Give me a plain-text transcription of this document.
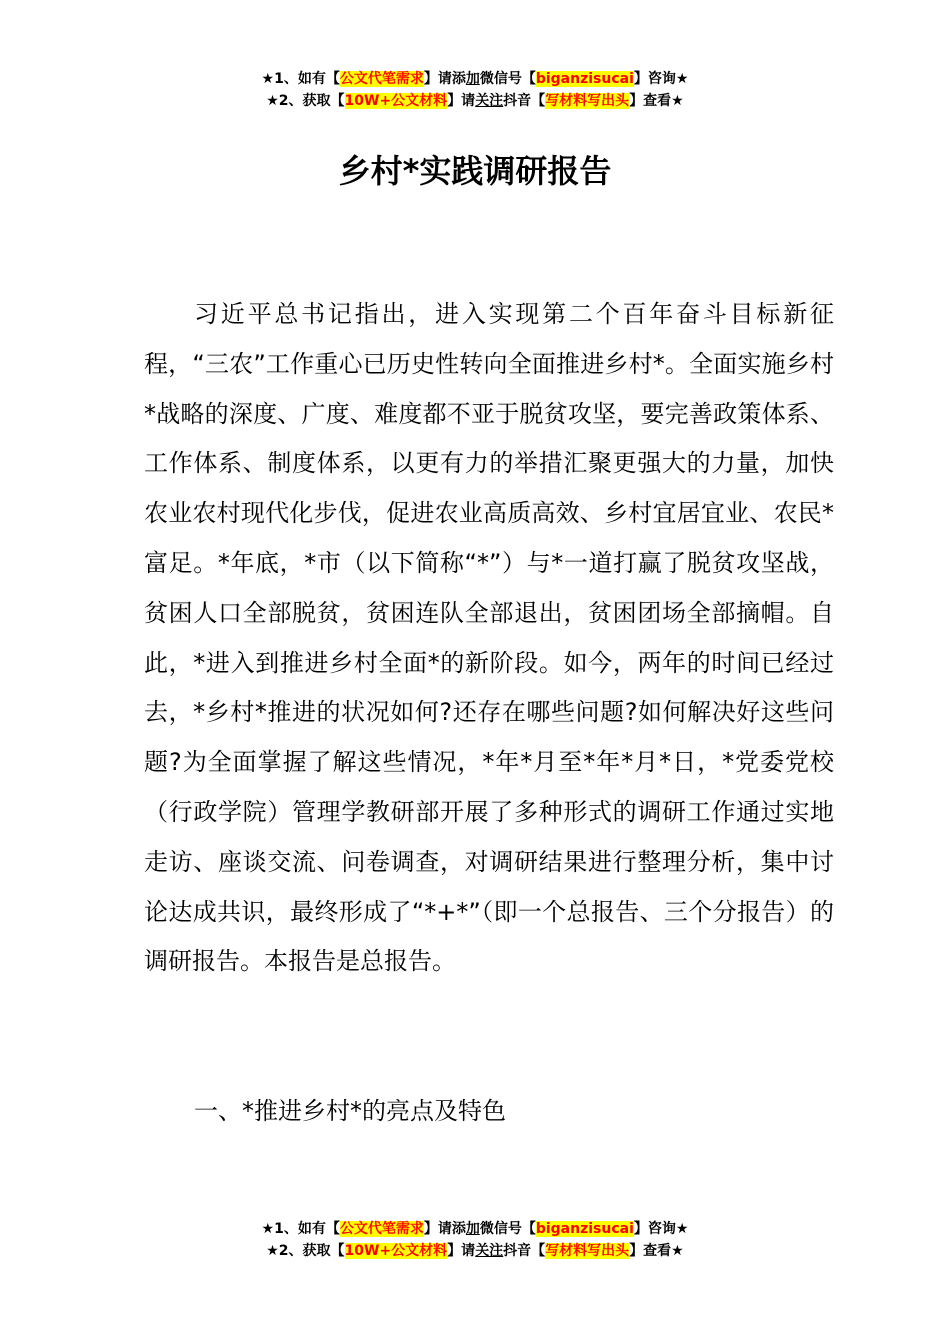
★1、如有【公文代笔需求】请添加微信号【biganzisucai】咨询★
★2、获取【10W+公文材料】请关注抖音【写材料写出头】查看★
乡村*实践调研报告

习近平总书记指出，进入实现第二个百年奋斗目标新征程，“三农”工作重心已历史性转向全面推进乡村*。全面实施乡村*战略的深度、广度、难度都不亚于脱贫攻坚，要完善政策体系、工作体系、制度体系，以更有力的举措汇聚更强大的力量，加快农业农村现代化步伐，促进农业高质高效、乡村宜居宜业、农民*富足。*年底，*市（以下简称“*”）与*一道打赢了脱贫攻坚战，贫困人口全部脱贫，贫困连队全部退出，贫困团场全部摘帽。自此，*进入到推进乡村全面*的新阶段。如今，两年的时间已经过去，*乡村*推进的状况如何?还存在哪些问题?如何解决好这些问题?为全面掌握了解这些情况，*年*月至*年*月*日，*党委党校（行政学院）管理学教研部开展了多种形式的调研工作通过实地走访、座谈交流、问卷调查，对调研结果进行整理分析，集中讨论达成共识，最终形成了“*+*”（即一个总报告、三个分报告）的调研报告。本报告是总报告。

一、*推进乡村*的亮点及特色

★1、如有【公文代笔需求】请添加微信号【biganzisucai】咨询★
★2、获取【10W+公文材料】请关注抖音【写材料写出头】查看★
